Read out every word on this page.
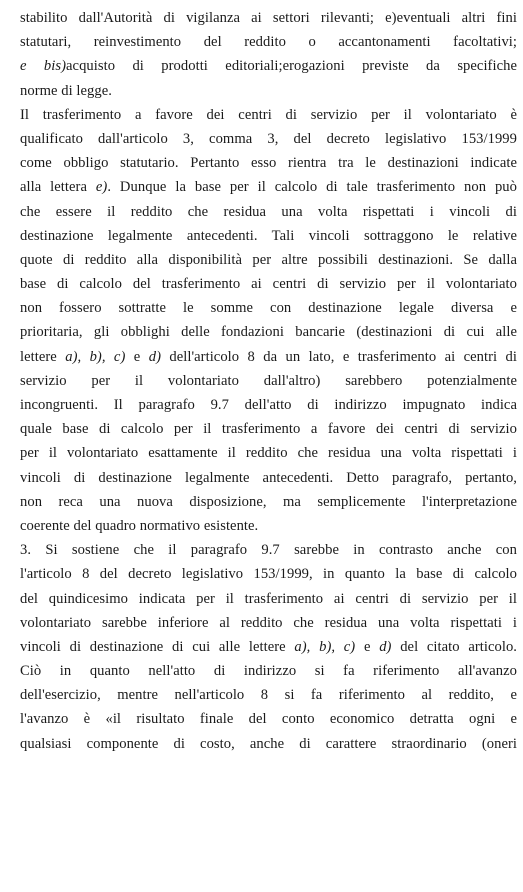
stabilito dall'Autorità di vigilanza ai settori rilevanti; e)eventuali altri fini
statutari, reinvestimento del reddito o accantonamenti facoltativi;
e bis)acquisto di prodotti editoriali;erogazioni previste da specifiche
norme di legge.
Il trasferimento a favore dei centri di servizio per il volontariato è
qualificato dall'articolo 3, comma 3, del decreto legislativo 153/1999
come obbligo statutario. Pertanto esso rientra tra le destinazioni indicate
alla lettera e). Dunque la base per il calcolo di tale trasferimento non può
che essere il reddito che residua una volta rispettati i vincoli di
destinazione legalmente antecedenti. Tali vincoli sottraggono le relative
quote di reddito alla disponibilità per altre possibili destinazioni. Se dalla
base di calcolo del trasferimento ai centri di servizio per il volontariato
non fossero sottratte le somme con destinazione legale diversa e
prioritaria, gli obblighi delle fondazioni bancarie (destinazioni di cui alle
lettere a), b), c) e d) dell'articolo 8 da un lato, e trasferimento ai centri di
servizio per il volontariato dall'altro) sarebbero potenzialmente
incongruenti. Il paragrafo 9.7 dell'atto di indirizzo impugnato indica
quale base di calcolo per il trasferimento a favore dei centri di servizio
per il volontariato esattamente il reddito che residua una volta rispettati i
vincoli di destinazione legalmente antecedenti. Detto paragrafo, pertanto,
non reca una nuova disposizione, ma semplicemente l'interpretazione
coerente del quadro normativo esistente.
3. Si sostiene che il paragrafo 9.7 sarebbe in contrasto anche con
l'articolo 8 del decreto legislativo 153/1999, in quanto la base di calcolo
del quindicesimo indicata per il trasferimento ai centri di servizio per il
volontariato sarebbe inferiore al reddito che residua una volta rispettati i
vincoli di destinazione di cui alle lettere a), b), c) e d) del citato articolo.
Ciò in quanto nell'atto di indirizzo si fa riferimento all'avanzo
dell'esercizio, mentre nell'articolo 8 si fa riferimento al reddito, e
l'avanzo è «il risultato finale del conto economico detratta ogni e
qualsiasi componente di costo, anche di carattere straordinario (oneri
